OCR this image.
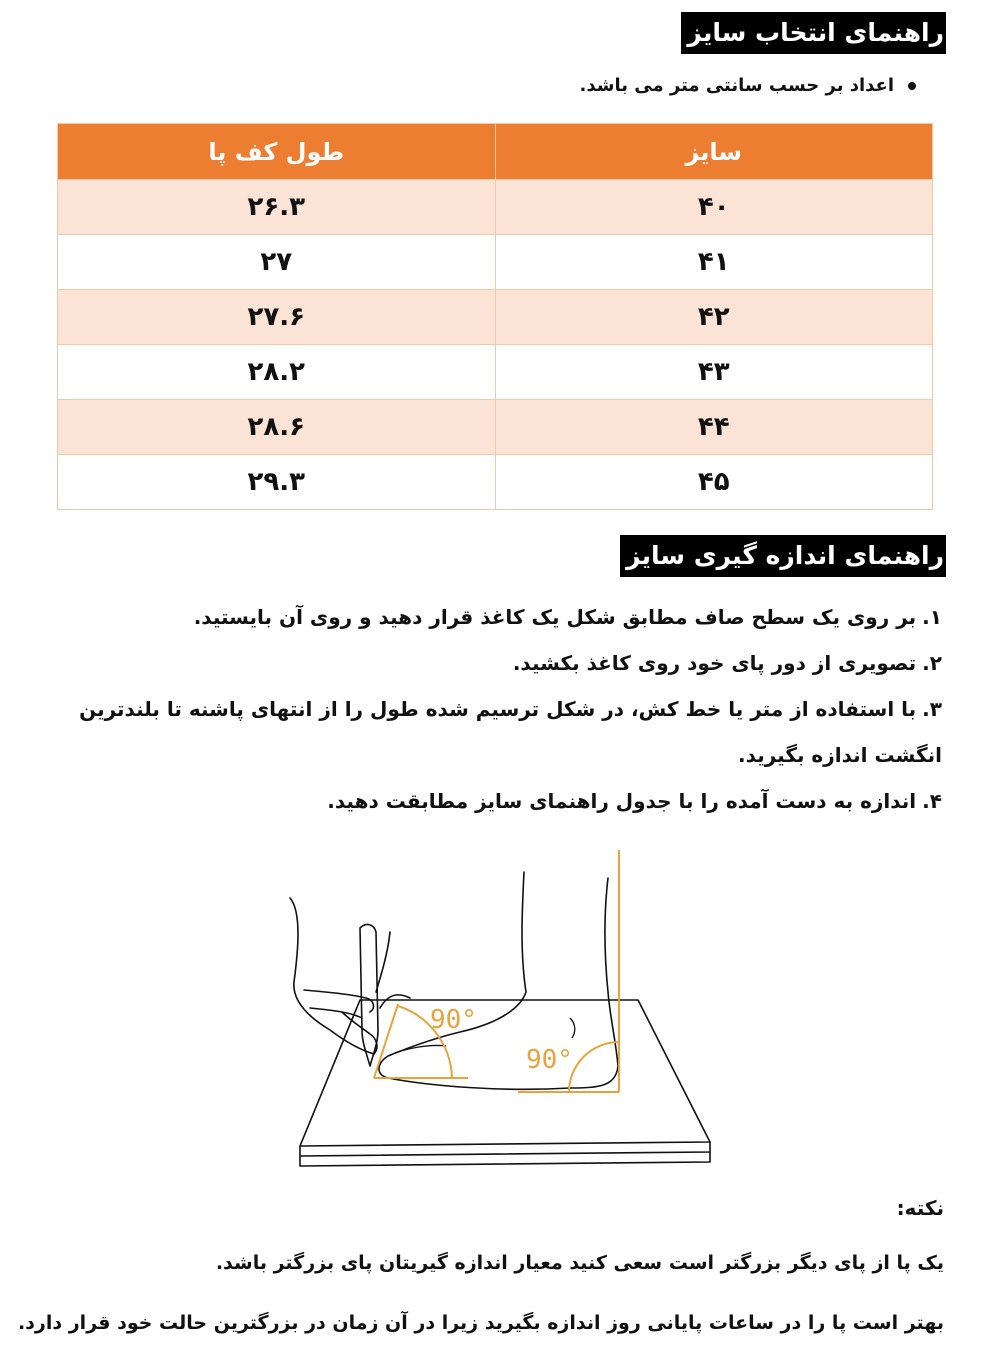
راهنمای انتخاب سایز
اعداد بر حسب سانتی متر می باشد.
سایز	طول کف پا
۴۰	۲۶.۳
۴۱	۲۷
۴۲	۲۷.۶
۴۳	۲۸.۲
۴۴	۲۸.۶
۴۵	۲۹.۳
راهنمای اندازه گیری سایز
۱.بر روی یک سطح صاف مطابق شکل یک کاغذ قرار دهید و روی آن بایستید.
۲.تصویری از دور پای خود روی کاغذ بکشید.
۳.با استفاده از متر یا خط کش، در شکل ترسیم شده طول را از انتهای پاشنه تا بلندترین انگشت اندازه بگیرید.
۴.اندازه به دست آمده را با جدول راهنمای سایز مطابقت دهید.
90°
90°
نکته:
یک پا از پای دیگر بزرگتر است سعی کنید معیار اندازه گیریتان پای بزرگتر باشد.
بهتر است پا را در ساعات پایانی روز اندازه بگیرید زیرا در آن زمان در بزرگترین حالت خود قرار دارد.
